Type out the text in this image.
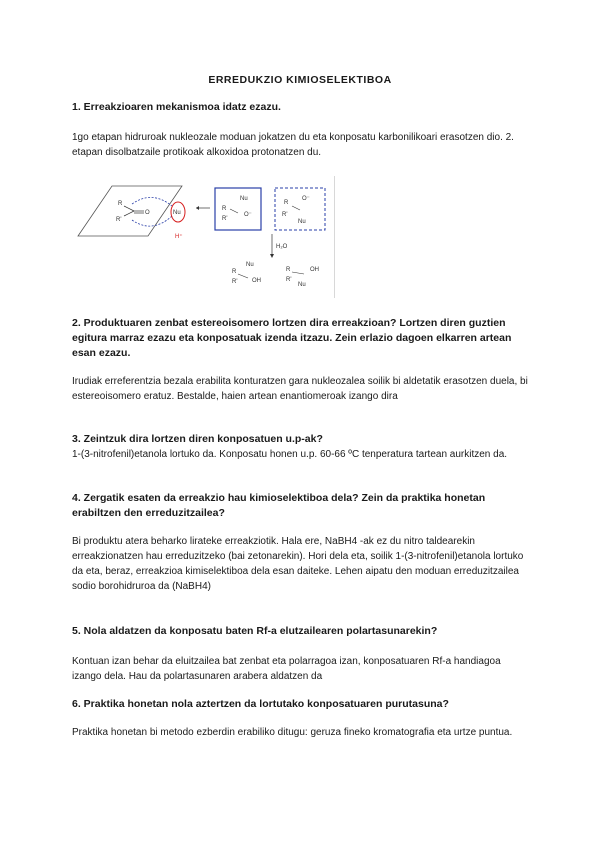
ERREDUKZIO KIMIOSELEKTIBOA
1. Erreakzioaren mekanismoa idatz ezazu.
1go etapan hidruroak nukleozale moduan jokatzen du eta konposatu karbonilikoari erasotzen dio. 2. etapan disolbatzaile protikoak alkoxidoa protonatzen du.
R
R'
O	Nu
H⁺
Nu
R
R'
O⁻
O⁻
R
R'
Nu
H₂O
Nu
R
R' OH
OH
Nu
R
R'
2. Produktuaren zenbat estereoisomero lortzen dira erreakzioan? Lortzen diren guztien egitura marraz ezazu eta konposatuak izenda itzazu. Zein erlazio dagoen elkarren artean esan ezazu.
Irudiak erreferentzia bezala erabilita konturatzen gara nukleozalea soilik bi aldetatik erasotzen duela, bi estereoisomero eratuz. Bestalde, haien artean enantiomeroak izango dira
3. Zeintzuk dira lortzen diren konposatuen u.p-ak?
1-(3-nitrofenil)etanola lortuko da. Konposatu honen u.p. 60-66 ºC tenperatura tartean aurkitzen da.
4. Zergatik esaten da erreakzio hau kimioselektiboa dela? Zein da praktika honetan erabiltzen den erreduzitzailea?
Bi produktu atera beharko lirateke erreakziotik. Hala ere, NaBH4 -ak ez du nitro taldearekin erreakzionatzen hau erreduzitzeko (bai zetonarekin). Hori dela eta, soilik 1-(3-nitrofenil)etanola lortuko da eta, beraz, erreakzioa kimiselektiboa dela esan daiteke. Lehen aipatu den moduan erreduzitzailea sodio borohidruroa da (NaBH4)
5. Nola aldatzen da konposatu baten Rf-a elutzailearen polartasunarekin?
Kontuan izan behar da eluitzailea bat zenbat eta polarragoa izan, konposatuaren Rf-a handiagoa izango dela. Hau da polartasunaren arabera aldatzen da
6. Praktika honetan nola aztertzen da lortutako konposatuaren purutasuna?
Praktika honetan bi metodo ezberdin erabiliko ditugu: geruza fineko kromatografia eta urtze puntua.
